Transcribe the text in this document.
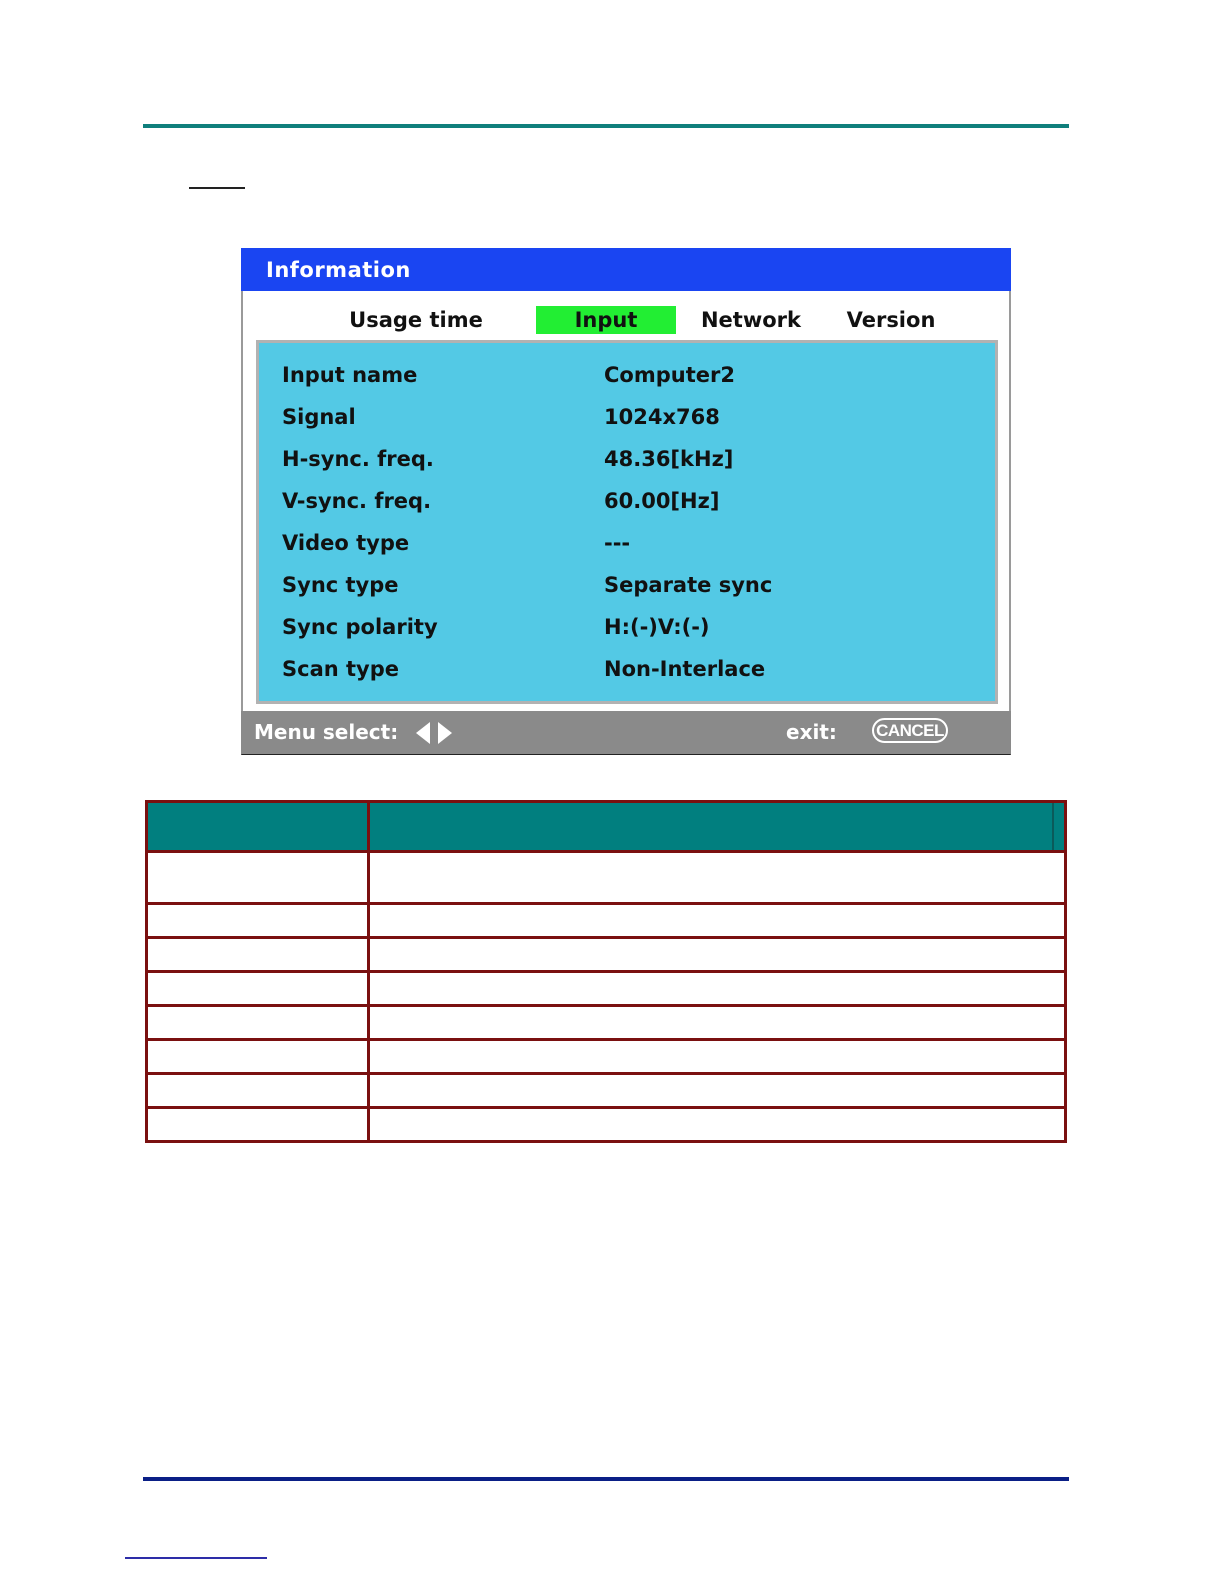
Information
Usage time	Input	Network	Version
Input name	Computer2
Signal	1024x768
H-sync. freq.	48.36[kHz]
V-sync. freq.	60.00[Hz]
Video type	---
Sync type	Separate sync
Sync polarity	H:(-)V:(-)
Scan type	Non-Interlace
Menu select:	exit: CANCEL
